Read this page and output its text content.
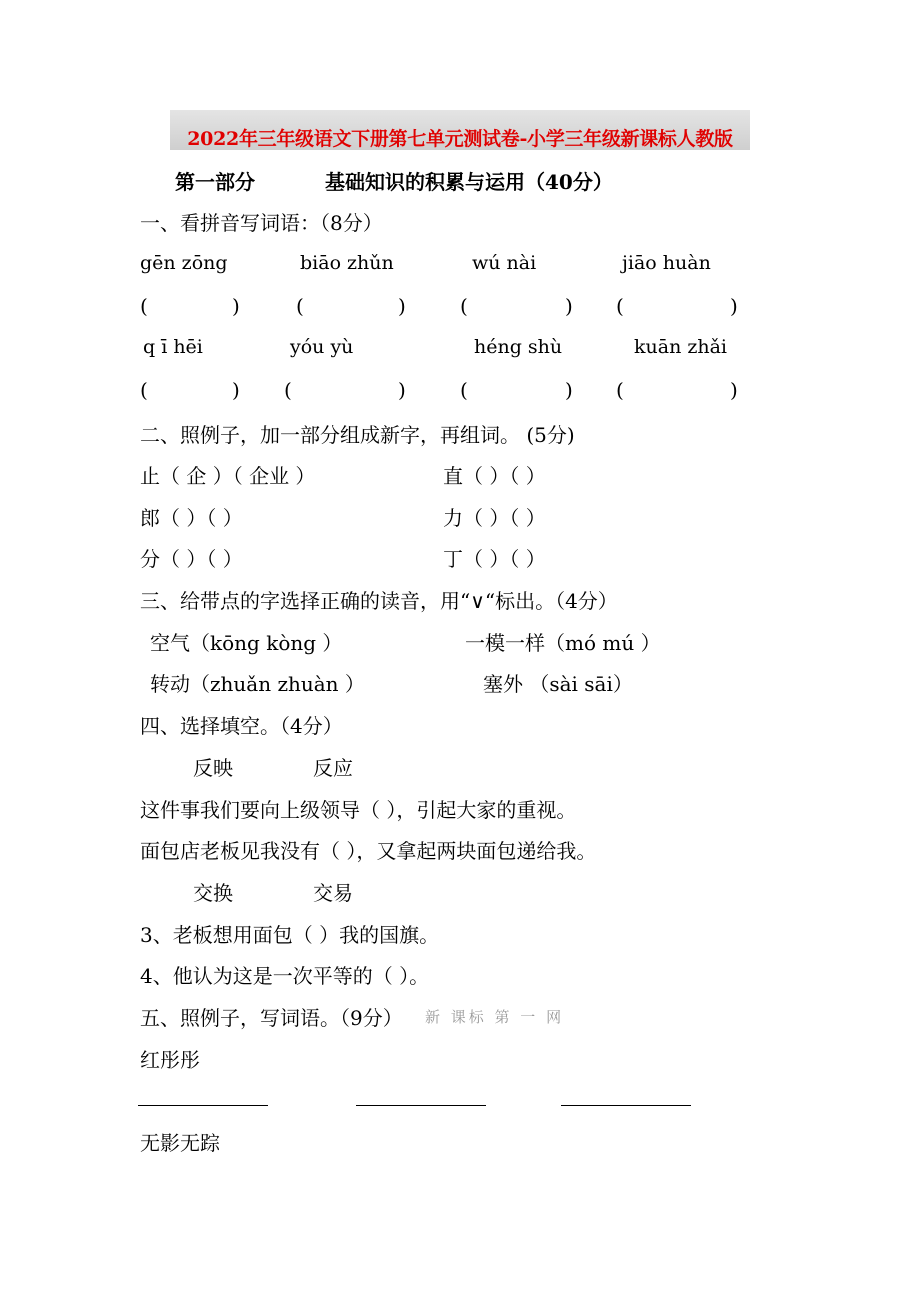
2022年三年级语文下册第七单元测试卷-小学三年级新课标人教版
第一部分	基础知识的积累与运用（40分）
一、看拼音写词语：（8分）
gēn zōng	biāo zhǔn	wú nài	jiāo huàn
(	)	(	)	(	) (	)
q ī hēi	yóu yù	héng shù	kuān zhǎi
(	) (	)	(	) (	)
二、照例子，加一部分组成新字，再组词。 (5分)
止（ 企 ）（ 企业 ）	直（ ）（ ）
郎（ ）（ ）	力（ ）（ ）
分（ ）（ ）	丁（ ）（ ）
三、给带点的字选择正确的读音，用“∨“标出。（4分）
空气（kōng kòng ）	一模一样（mó mú ）
转动（zhuǎn zhuàn ）	塞外 （sài sāi）
四、选择填空。（4分）
反映	反应
这件事我们要向上级领导（ ），引起大家的重视。
面包店老板见我没有（ ），又拿起两块面包递给我。
交换	交易
3、老板想用面包（ ）我的国旗。
4、他认为这是一次平等的（ ）。
五、照例子，写词语。（9分） 新 课标 第 一 网
红彤彤
无影无踪
